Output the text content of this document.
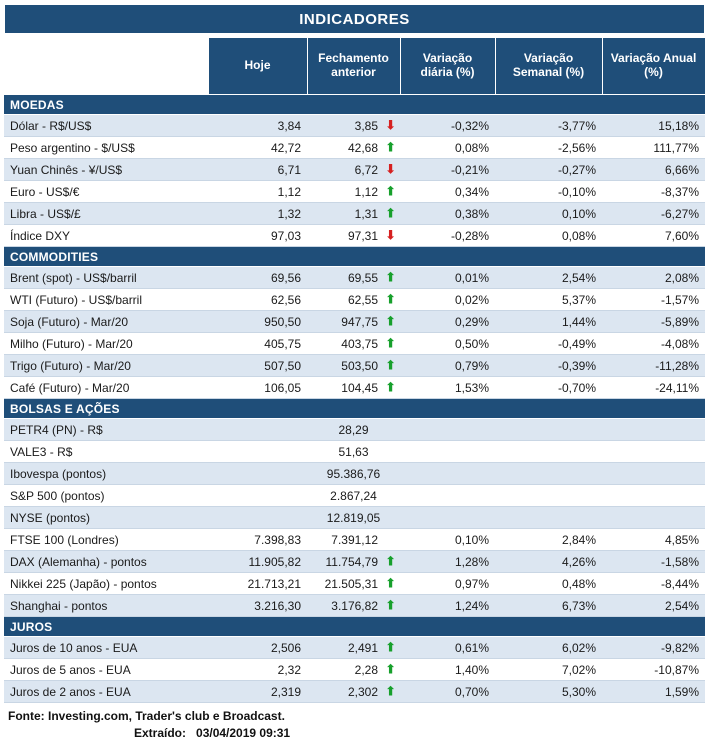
INDICADORES
	Hoje	Fechamento anterior	Variação diária (%)	Variação Semanal (%)	Variação Anual (%)
MOEDAS					
Dólar - R$/US$	3,84	3,85 ⬇	-0,32%	-3,77%	15,18%
Peso argentino - $/US$	42,72	42,68 ⬆	0,08%	-2,56%	111,77%
Yuan Chinês - ¥/US$	6,71	6,72 ⬇	-0,21%	-0,27%	6,66%
Euro - US$/€	1,12	1,12 ⬆	0,34%	-0,10%	-8,37%
Libra - US$/£	1,32	1,31 ⬆	0,38%	0,10%	-6,27%
Índice DXY	97,03	97,31 ⬇	-0,28%	0,08%	7,60%
COMMODITIES					
Brent (spot) - US$/barril	69,56	69,55 ⬆	0,01%	2,54%	2,08%
WTI (Futuro) - US$/barril	62,56	62,55 ⬆	0,02%	5,37%	-1,57%
Soja (Futuro) - Mar/20	950,50	947,75 ⬆	0,29%	1,44%	-5,89%
Milho (Futuro) - Mar/20	405,75	403,75 ⬆	0,50%	-0,49%	-4,08%
Trigo (Futuro) - Mar/20	507,50	503,50 ⬆	0,79%	-0,39%	-11,28%
Café (Futuro) - Mar/20	106,05	104,45 ⬆	1,53%	-0,70%	-24,11%
BOLSAS E AÇÕES					
PETR4 (PN) - R$		28,29			
VALE3 - R$		51,63			
Ibovespa (pontos)		95.386,76			
S&P 500 (pontos)		2.867,24			
NYSE (pontos)		12.819,05			
FTSE 100 (Londres)	7.398,83	7.391,12	0,10%	2,84%	4,85%
DAX (Alemanha) - pontos	11.905,82	11.754,79 ⬆	1,28%	4,26%	-1,58%
Nikkei 225 (Japão) - pontos	21.713,21	21.505,31 ⬆	0,97%	0,48%	-8,44%
Shanghai - pontos	3.216,30	3.176,82 ⬆	1,24%	6,73%	2,54%
JUROS					
Juros de 10 anos - EUA	2,506	2,491 ⬆	0,61%	6,02%	-9,82%
Juros de 5 anos - EUA	2,32	2,28 ⬆	1,40%	7,02%	-10,87%
Juros de 2 anos - EUA	2,319	2,302 ⬆	0,70%	5,30%	1,59%
Fonte: Investing.com, Trader's club e Broadcast.
Extraído: 03/04/2019 09:31
